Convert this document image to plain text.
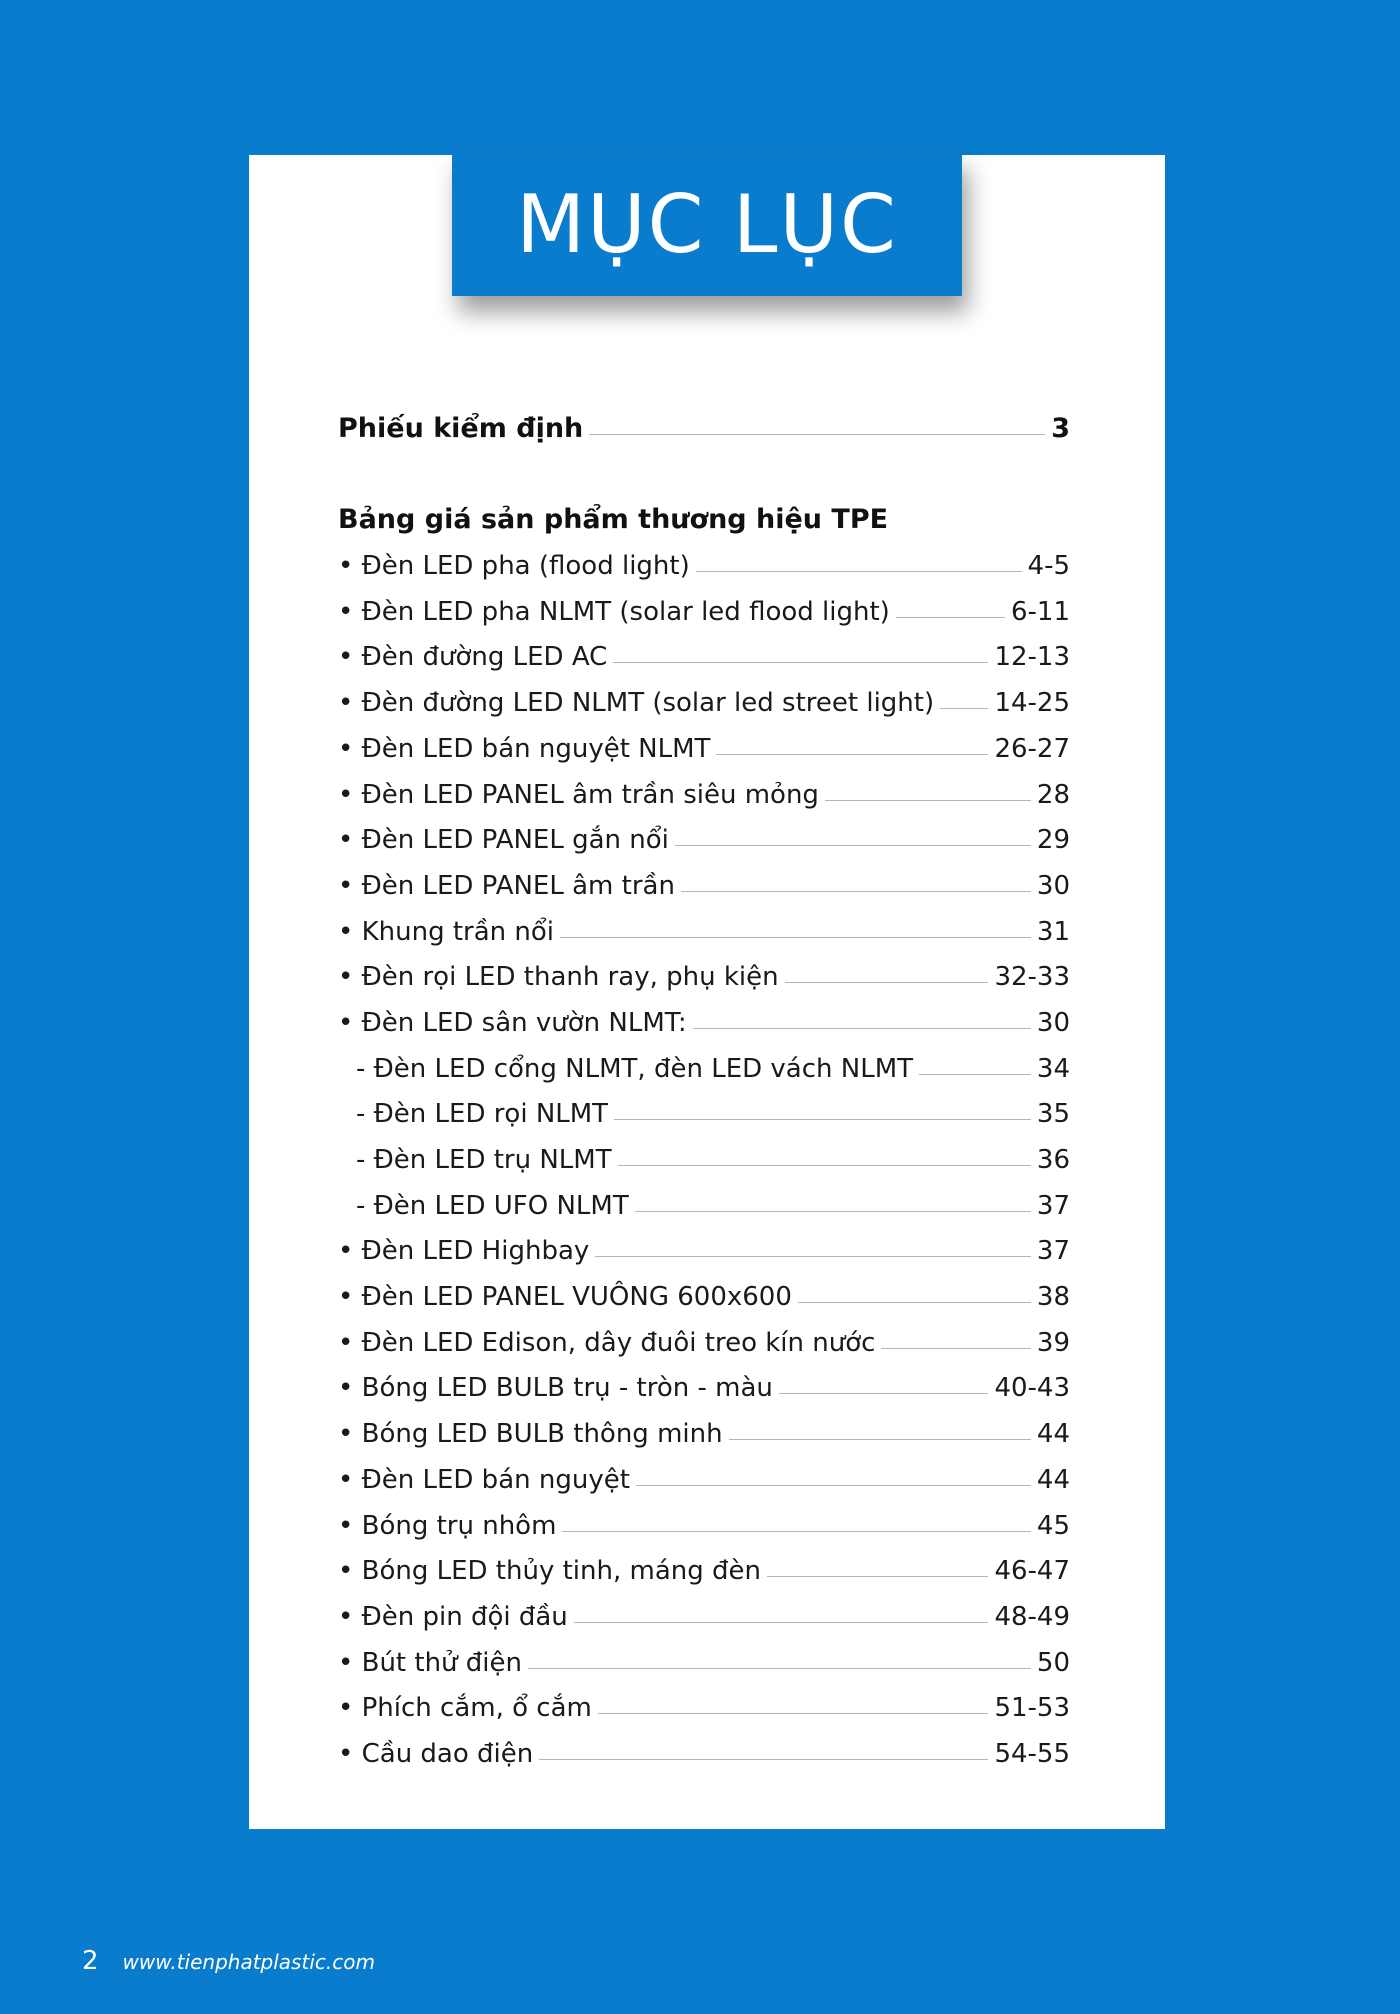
MỤC LỤC
Phiếu kiểm định	3
Bảng giá sản phẩm thương hiệu TPE
• Đèn LED pha (flood light)	4-5
• Đèn LED pha NLMT (solar led flood light)	6-11
• Đèn đường LED AC	12-13
• Đèn đường LED NLMT (solar led street light) 14-25
• Đèn LED bán nguyệt NLMT	26-27
• Đèn LED PANEL âm trần siêu mỏng	28
• Đèn LED PANEL gắn nổi	29
• Đèn LED PANEL âm trần	30
• Khung trần nổi	31
• Đèn rọi LED thanh ray, phụ kiện	32-33
• Đèn LED sân vườn NLMT:	30
- Đèn LED cổng NLMT, đèn LED vách NLMT	34
- Đèn LED rọi NLMT	35
- Đèn LED trụ NLMT	36
- Đèn LED UFO NLMT	37
• Đèn LED Highbay	37
• Đèn LED PANEL VUÔNG 600x600	38
• Đèn LED Edison, dây đuôi treo kín nước	39
• Bóng LED BULB trụ - tròn - màu	40-43
• Bóng LED BULB thông minh	44
• Đèn LED bán nguyệt	44
• Bóng trụ nhôm	45
• Bóng LED thủy tinh, máng đèn	46-47
• Đèn pin đội đầu	48-49
• Bút thử điện	50
• Phích cắm, ổ cắm	51-53
• Cầu dao điện	54-55
2 www.tienphatplastic.com
